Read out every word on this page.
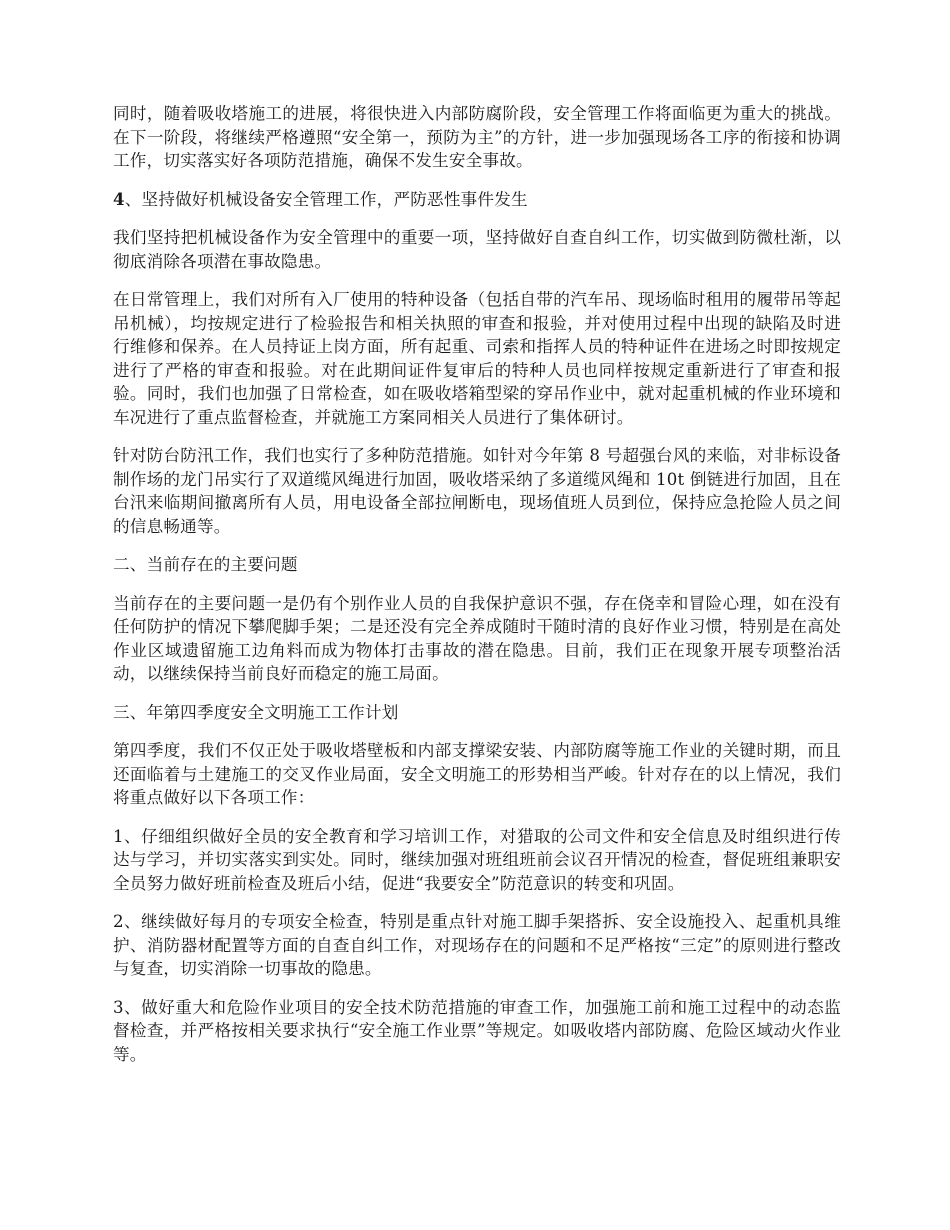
同时，随着吸收塔施工的进展，将很快进入内部防腐阶段，安全管理工作将面临更为重大的挑战。在下一阶段，将继续严格遵照“安全第一，预防为主”的方针，进一步加强现场各工序的衔接和协调工作，切实落实好各项防范措施，确保不发生安全事故。

4、坚持做好机械设备安全管理工作，严防恶性事件发生

我们坚持把机械设备作为安全管理中的重要一项，坚持做好自查自纠工作，切实做到防微杜渐，以彻底消除各项潜在事故隐患。

在日常管理上，我们对所有入厂使用的特种设备（包括自带的汽车吊、现场临时租用的履带吊等起吊机械），均按规定进行了检验报告和相关执照的审查和报验，并对使用过程中出现的缺陷及时进行维修和保养。在人员持证上岗方面，所有起重、司索和指挥人员的特种证件在进场之时即按规定进行了严格的审查和报验。对在此期间证件复审后的特种人员也同样按规定重新进行了审查和报验。同时，我们也加强了日常检查，如在吸收塔箱型梁的穿吊作业中，就对起重机械的作业环境和车况进行了重点监督检查，并就施工方案同相关人员进行了集体研讨。

针对防台防汛工作，我们也实行了多种防范措施。如针对今年第 8 号超强台风的来临，对非标设备制作场的龙门吊实行了双道缆风绳进行加固，吸收塔采纳了多道缆风绳和 10t 倒链进行加固，且在台汛来临期间撤离所有人员，用电设备全部拉闸断电，现场值班人员到位，保持应急抢险人员之间的信息畅通等。

二、当前存在的主要问题

当前存在的主要问题一是仍有个别作业人员的自我保护意识不强，存在侥幸和冒险心理，如在没有任何防护的情况下攀爬脚手架；二是还没有完全养成随时干随时清的良好作业习惯，特别是在高处作业区域遗留施工边角料而成为物体打击事故的潜在隐患。目前，我们正在现象开展专项整治活动，以继续保持当前良好而稳定的施工局面。

三、年第四季度安全文明施工工作计划

第四季度，我们不仅正处于吸收塔壁板和内部支撑梁安装、内部防腐等施工作业的关键时期，而且还面临着与土建施工的交叉作业局面，安全文明施工的形势相当严峻。针对存在的以上情况，我们将重点做好以下各项工作：

1、仔细组织做好全员的安全教育和学习培训工作，对猎取的公司文件和安全信息及时组织进行传达与学习，并切实落实到实处。同时，继续加强对班组班前会议召开情况的检查，督促班组兼职安全员努力做好班前检查及班后小结，促进“我要安全”防范意识的转变和巩固。

2、继续做好每月的专项安全检查，特别是重点针对施工脚手架搭拆、安全设施投入、起重机具维护、消防器材配置等方面的自查自纠工作，对现场存在的问题和不足严格按“三定”的原则进行整改与复查，切实消除一切事故的隐患。

3、做好重大和危险作业项目的安全技术防范措施的审查工作，加强施工前和施工过程中的动态监督检查，并严格按相关要求执行“安全施工作业票”等规定。如吸收塔内部防腐、危险区域动火作业等。
